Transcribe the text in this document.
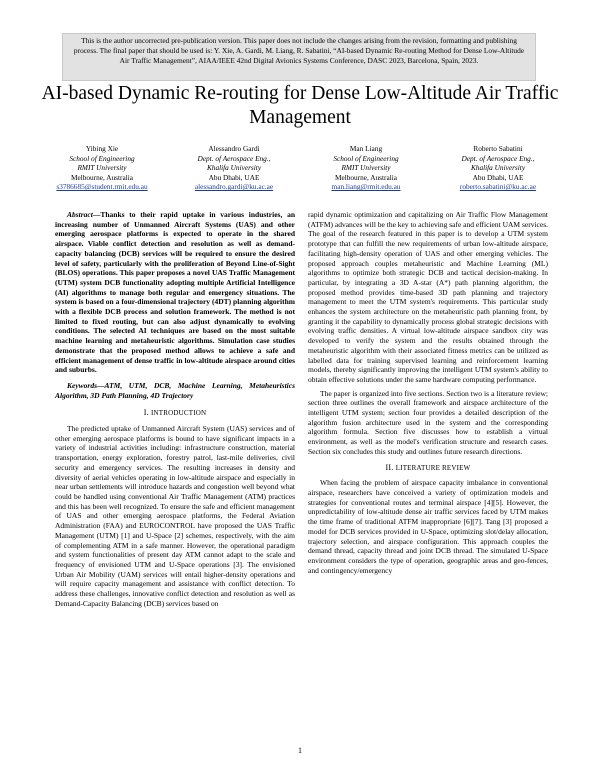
This is the author uncorrected pre-publication version. This paper does not include the changes arising from the revision, formatting and publishing process. The final paper that should be used is: Y. Xie, A. Gardi, M. Liang, R. Sabatini, “AI-based Dynamic Re-routing Method for Dense Low-Altitude Air Traffic Management”, AIAA/IEEE 42nd Digital Avionics Systems Conference, DASC 2023, Barcelona, Spain, 2023.
AI-based Dynamic Re-routing for Dense Low-Altitude Air Traffic Management
Yibing Xie
School of Engineering
RMIT University
Melbourne, Australia
s3786685@student.rmit.edu.au
Alessandro Gardi
Dept. of Aerospace Eng.,
Khalifa University
Abu Dhabi, UAE
alessandro.gardi@ku.ac.ae
Man Liang
School of Engineering
RMIT University
Melbourne, Australia
man.liang@rmit.edu.au
Roberto Sabatini
Dept. of Aerospace Eng.,
Khalifa University
Abu Dhabi, UAE
roberto.sabatini@ku.ac.ae

Abstract—Thanks to their rapid uptake in various industries, an increasing number of Unmanned Aircraft Systems (UAS) and other emerging aerospace platforms is expected to operate in the shared airspace. Viable conflict detection and resolution as well as demand-capacity balancing (DCB) services will be required to ensure the desired level of safety, particularly with the proliferation of Beyond Line-of-Sight (BLOS) operations. This paper proposes a novel UAS Traffic Management (UTM) system DCB functionality adopting multiple Artificial Intelligence (AI) algorithms to manage both regular and emergency situations. The system is based on a four-dimensional trajectory (4DT) planning algorithm with a flexible DCB process and solution framework. The method is not limited to fixed routing, but can also adjust dynamically to evolving conditions. The selected AI techniques are based on the most suitable machine learning and metaheuristic algorithms. Simulation case studies demonstrate that the proposed method allows to achieve a safe and efficient management of dense traffic in low-altitude airspace around cities and suburbs.

Keywords—ATM, UTM, DCB, Machine Learning, Metaheuristics Algorithm, 3D Path Planning, 4D Trajectory

I. INTRODUCTION

The predicted uptake of Unmanned Aircraft System (UAS) services and of other emerging aerospace platforms is bound to have significant impacts in a variety of industrial activities including: infrastructure construction, material transportation, energy exploration, forestry patrol, last-mile deliveries, civil security and emergency services. The resulting increases in density and diversity of aerial vehicles operating in low-altitude airspace and especially in near urban settlements will introduce hazards and congestion well beyond what could be handled using conventional Air Traffic Management (ATM) practices and this has been well recognized. To ensure the safe and efficient management of UAS and other emerging aerospace platforms, the Federal Aviation Administration (FAA) and EUROCONTROL have proposed the UAS Traffic Management (UTM) [1] and U-Space [2] schemes, respectively, with the aim of complementing ATM in a safe manner. However, the operational paradigm and system functionalities of present day ATM cannot adapt to the scale and frequency of envisioned UTM and U-Space operations [3]. The envisioned Urban Air Mobility (UAM) services will entail higher-density operations and will require capacity management and assistance with conflict detection. To address these challenges, innovative conflict detection and resolution as well as Demand-Capacity Balancing (DCB) services based on

rapid dynamic optimization and capitalizing on Air Traffic Flow Management (ATFM) advances will be the key to achieving safe and efficient UAM services. The goal of the research featured in this paper is to develop a UTM system prototype that can fulfill the new requirements of urban low-altitude airspace, facilitating high-density operation of UAS and other emerging vehicles. The proposed approach couples metaheuristic and Machine Learning (ML) algorithms to optimize both strategic DCB and tactical decision-making. In particular, by integrating a 3D A-star (A*) path planning algorithm, the proposed method provides time-based 3D path planning and trajectory management to meet the UTM system's requirements. This particular study enhances the system architecture on the metaheuristic path planning front, by granting it the capability to dynamically process global strategic decisions with evolving traffic densities. A virtual low-altitude airspace sandbox city was developed to verify the system and the results obtained through the metaheuristic algorithm with their associated fitness metrics can be utilized as labelled data for training supervised learning and reinforcement learning models, thereby significantly improving the intelligent UTM system's ability to obtain effective solutions under the same hardware computing performance.

The paper is organized into five sections. Section two is a literature review; section three outlines the overall framework and airspace architecture of the intelligent UTM system; section four provides a detailed description of the algorithm fusion architecture used in the system and the corresponding algorithm formula. Section five discusses how to establish a virtual environment, as well as the model's verification structure and research cases. Section six concludes this study and outlines future research directions.

II. LITERATURE REVIEW

When facing the problem of airspace capacity imbalance in conventional airspace, researchers have conceived a variety of optimization models and strategies for conventional routes and terminal airspace [4][5]. However, the unpredictability of low-altitude dense air traffic services faced by UTM makes the time frame of traditional ATFM inappropriate [6][7]. Tang [3] proposed a model for DCB services provided in U-Space, optimizing slot/delay allocation, trajectory selection, and airspace configuration. This approach couples the demand thread, capacity thread and joint DCB thread. The simulated U-Space environment considers the type of operation, geographic areas and geo-fences, and contingency/emergency

1
